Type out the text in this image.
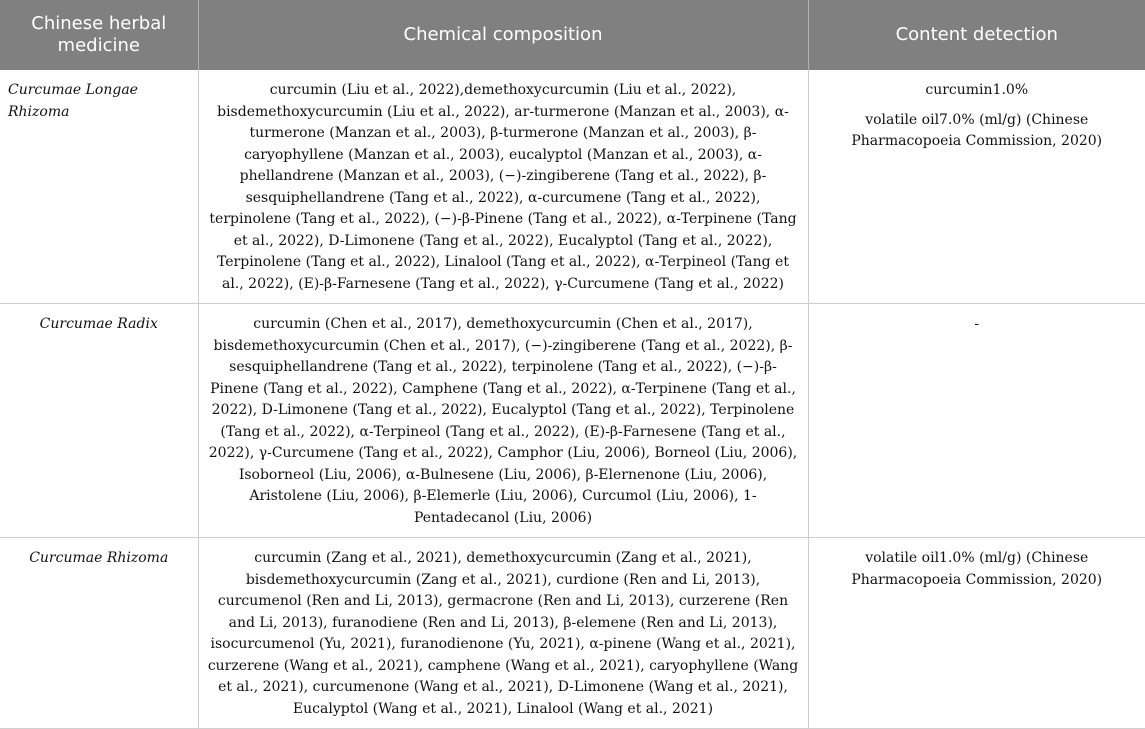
Chinese herbal medicine	Chemical composition	Content detection
Curcumae Longae Rhizoma	curcumin (Liu et al., 2022),demethoxycurcumin (Liu et al., 2022), bisdemethoxycurcumin (Liu et al., 2022), ar-turmerone (Manzan et al., 2003), α-turmerone (Manzan et al., 2003), β-turmerone (Manzan et al., 2003), β-caryophyllene (Manzan et al., 2003), eucalyptol (Manzan et al., 2003), α-phellandrene (Manzan et al., 2003), (−)-zingiberene (Tang et al., 2022), β-sesquiphellandrene (Tang et al., 2022), α-curcumene (Tang et al., 2022), terpinolene (Tang et al., 2022), (−)-β-Pinene (Tang et al., 2022), α-Terpinene (Tang et al., 2022), D-Limonene (Tang et al., 2022), Eucalyptol (Tang et al., 2022), Terpinolene (Tang et al., 2022), Linalool (Tang et al., 2022), α-Terpineol (Tang et al., 2022), (E)-β-Farnesene (Tang et al., 2022), γ-Curcumene (Tang et al., 2022)	curcumin1.0%
volatile oil7.0% (ml/g) (Chinese Pharmacopoeia Commission, 2020)

Curcumae Radix	curcumin (Chen et al., 2017), demethoxycurcumin (Chen et al., 2017), bisdemethoxycurcumin (Chen et al., 2017), (−)-zingiberene (Tang et al., 2022), β-sesquiphellandrene (Tang et al., 2022), terpinolene (Tang et al., 2022), (−)-β-Pinene (Tang et al., 2022), Camphene (Tang et al., 2022), α-Terpinene (Tang et al., 2022), D-Limonene (Tang et al., 2022), Eucalyptol (Tang et al., 2022), Terpinolene (Tang et al., 2022), α-Terpineol (Tang et al., 2022), (E)-β-Farnesene (Tang et al., 2022), γ-Curcumene (Tang et al., 2022), Camphor (Liu, 2006), Borneol (Liu, 2006), Isoborneol (Liu, 2006), α-Bulnesene (Liu, 2006), β-Elernenone (Liu, 2006), Aristolene (Liu, 2006), β-Elemerle (Liu, 2006), Curcumol (Liu, 2006), 1-Pentadecanol (Liu, 2006)	-

Curcumae Rhizoma	curcumin (Zang et al., 2021), demethoxycurcumin (Zang et al., 2021), bisdemethoxycurcumin (Zang et al., 2021), curdione (Ren and Li, 2013), curcumenol (Ren and Li, 2013), germacrone (Ren and Li, 2013), curzerene (Ren and Li, 2013), furanodiene (Ren and Li, 2013), β-elemene (Ren and Li, 2013), isocurcumenol (Yu, 2021), furanodienone (Yu, 2021), α-pinene (Wang et al., 2021), curzerene (Wang et al., 2021), camphene (Wang et al., 2021), caryophyllene (Wang et al., 2021), curcumenone (Wang et al., 2021), D-Limonene (Wang et al., 2021), Eucalyptol (Wang et al., 2021), Linalool (Wang et al., 2021)	volatile oil1.0% (ml/g) (Chinese Pharmacopoeia Commission, 2020)
